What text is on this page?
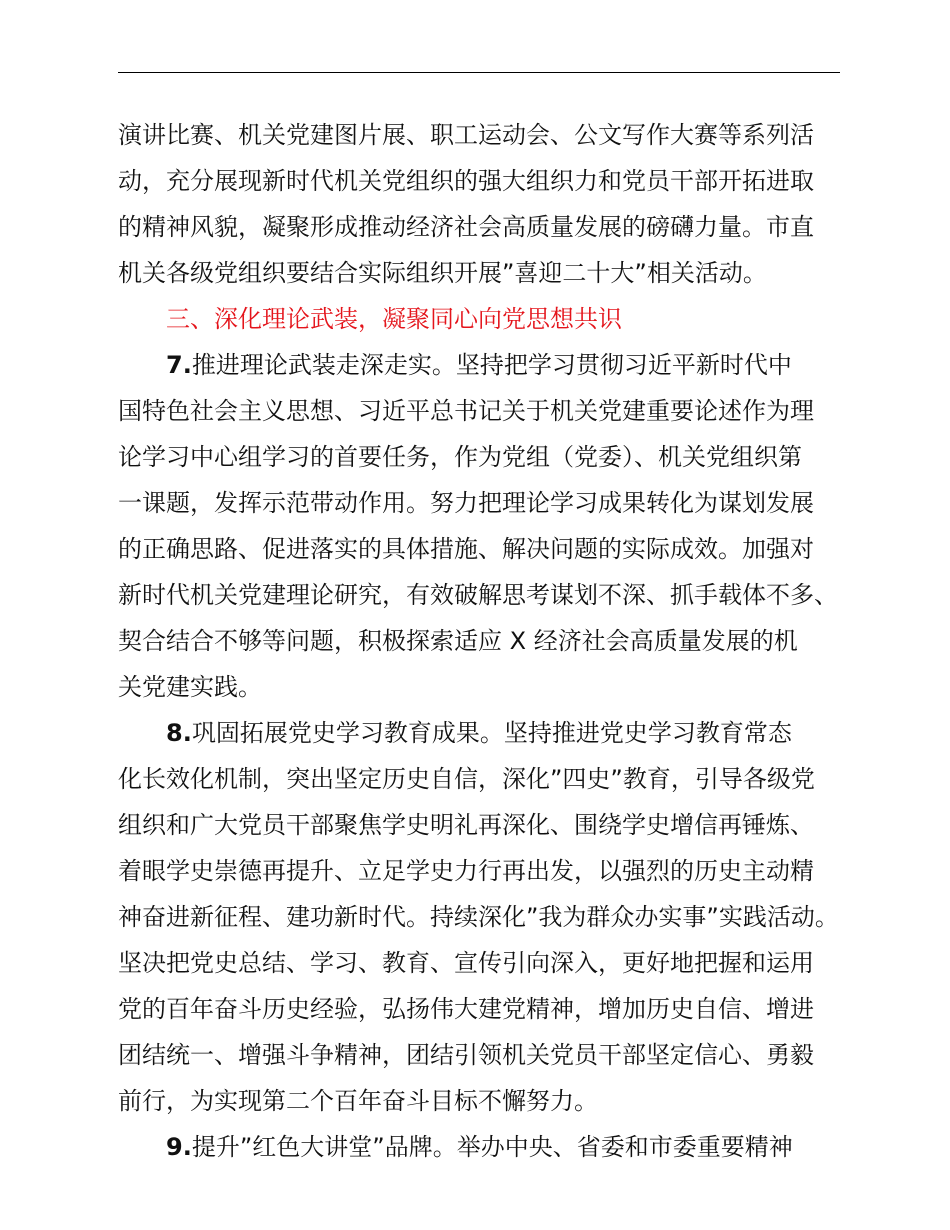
演讲比赛、机关党建图片展、职工运动会、公文写作大赛等系列活
动，充分展现新时代机关党组织的强大组织力和党员干部开拓进取
的精神风貌，凝聚形成推动经济社会高质量发展的磅礴力量。市直
机关各级党组织要结合实际组织开展”喜迎二十大”相关活动。
三、深化理论武装，凝聚同心向党思想共识
7.推进理论武装走深走实。坚持把学习贯彻习近平新时代中
国特色社会主义思想、习近平总书记关于机关党建重要论述作为理
论学习中心组学习的首要任务，作为党组（党委）、机关党组织第
一课题，发挥示范带动作用。努力把理论学习成果转化为谋划发展
的正确思路、促进落实的具体措施、解决问题的实际成效。加强对
新时代机关党建理论研究，有效破解思考谋划不深、抓手载体不多、
契合结合不够等问题，积极探索适应 X 经济社会高质量发展的机
关党建实践。
8.巩固拓展党史学习教育成果。坚持推进党史学习教育常态
化长效化机制，突出坚定历史自信，深化”四史”教育，引导各级党
组织和广大党员干部聚焦学史明礼再深化、围绕学史增信再锤炼、
着眼学史崇德再提升、立足学史力行再出发，以强烈的历史主动精
神奋进新征程、建功新时代。持续深化”我为群众办实事”实践活动。
坚决把党史总结、学习、教育、宣传引向深入，更好地把握和运用
党的百年奋斗历史经验，弘扬伟大建党精神，增加历史自信、增进
团结统一、增强斗争精神，团结引领机关党员干部坚定信心、勇毅
前行，为实现第二个百年奋斗目标不懈努力。
9.提升”红色大讲堂”品牌。举办中央、省委和市委重要精神
